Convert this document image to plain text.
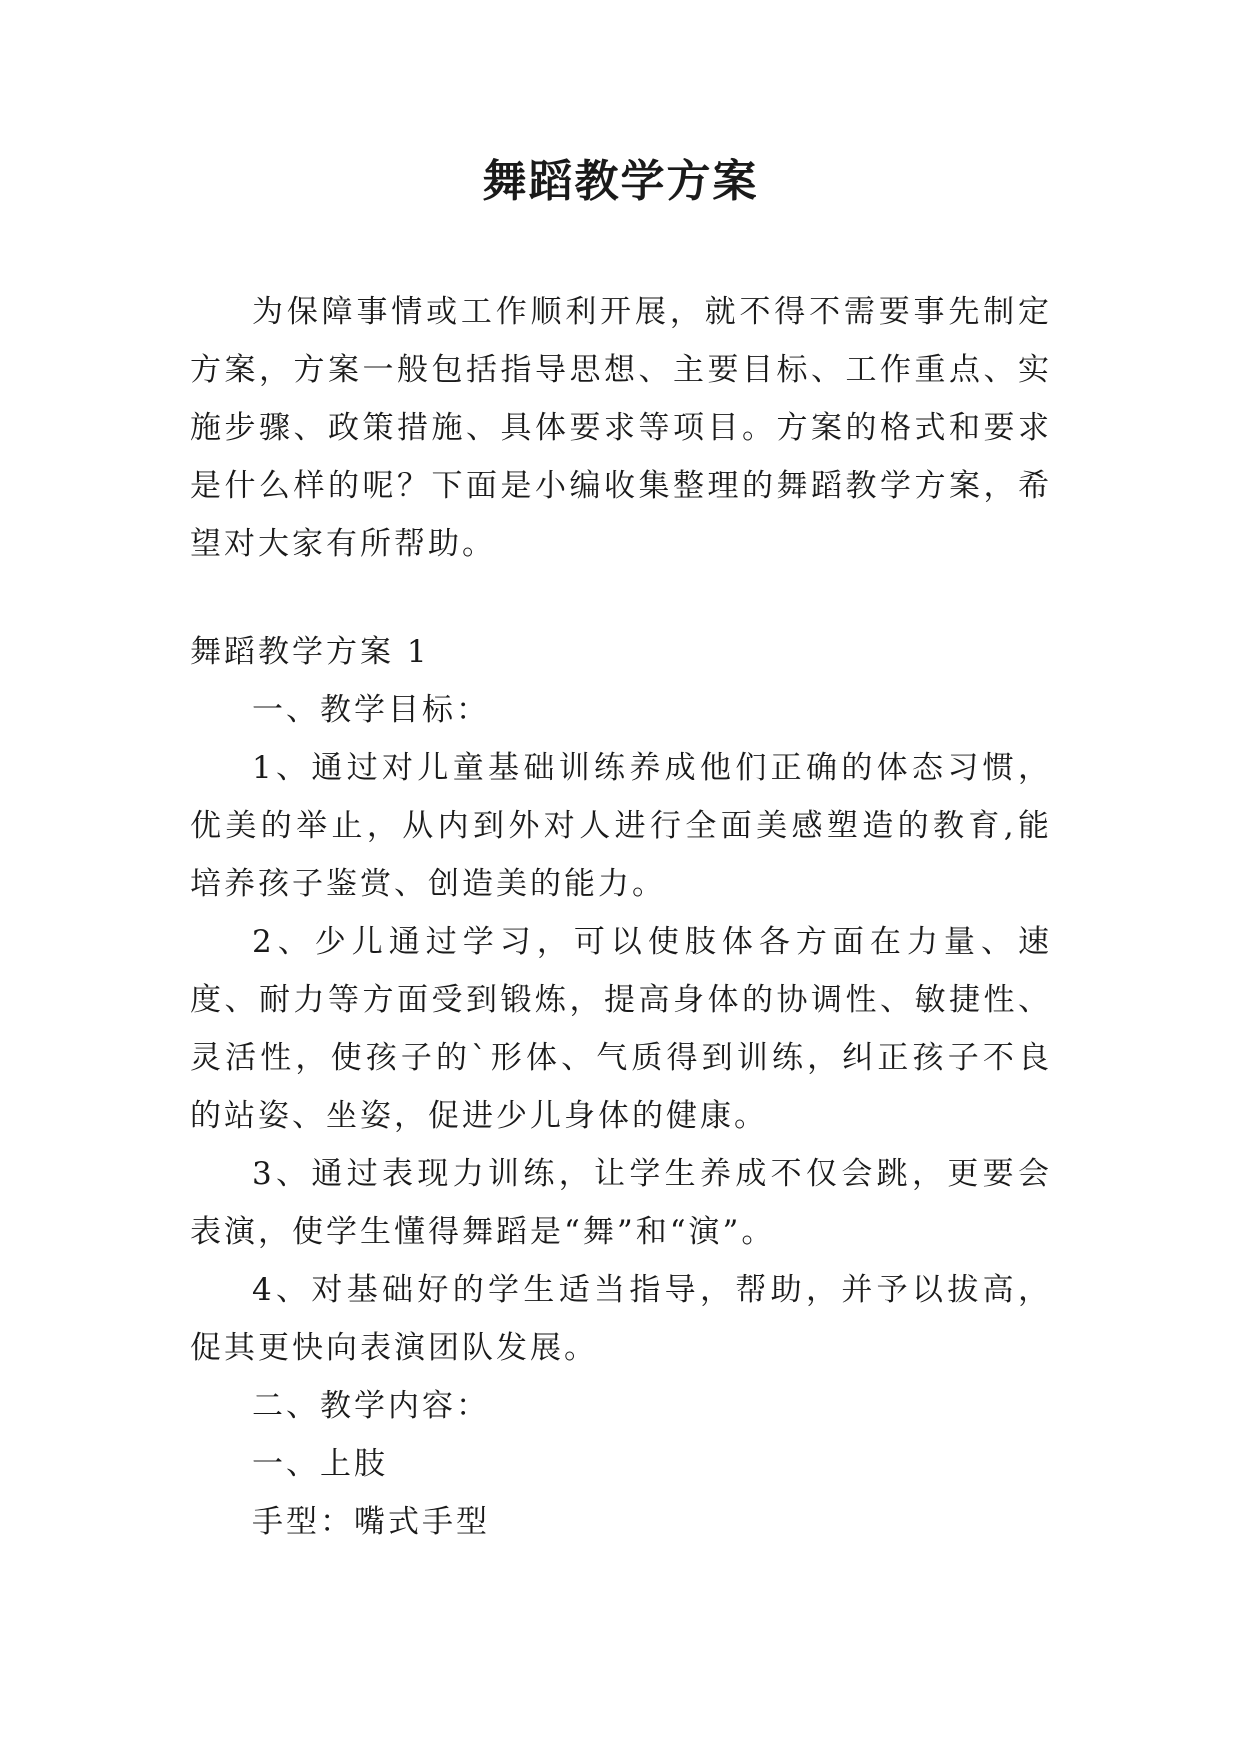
舞蹈教学方案

为保障事情或工作顺利开展，就不得不需要事先制定方案，方案一般包括指导思想、主要目标、工作重点、实施步骤、政策措施、具体要求等项目。方案的格式和要求是什么样的呢？下面是小编收集整理的舞蹈教学方案，希望对大家有所帮助。

舞蹈教学方案 1

一、教学目标：

1、通过对儿童基础训练养成他们正确的体态习惯，优美的举止，从内到外对人进行全面美感塑造的教育,能培养孩子鉴赏、创造美的能力。

2、少儿通过学习，可以使肢体各方面在力量、速度、耐力等方面受到锻炼，提高身体的协调性、敏捷性、灵活性，使孩子的`形体、气质得到训练，纠正孩子不良的站姿、坐姿，促进少儿身体的健康。

3、通过表现力训练，让学生养成不仅会跳，更要会表演，使学生懂得舞蹈是“舞”和“演”。

4、对基础好的学生适当指导，帮助，并予以拔高，促其更快向表演团队发展。

二、教学内容：

一、上肢

手型：嘴式手型
